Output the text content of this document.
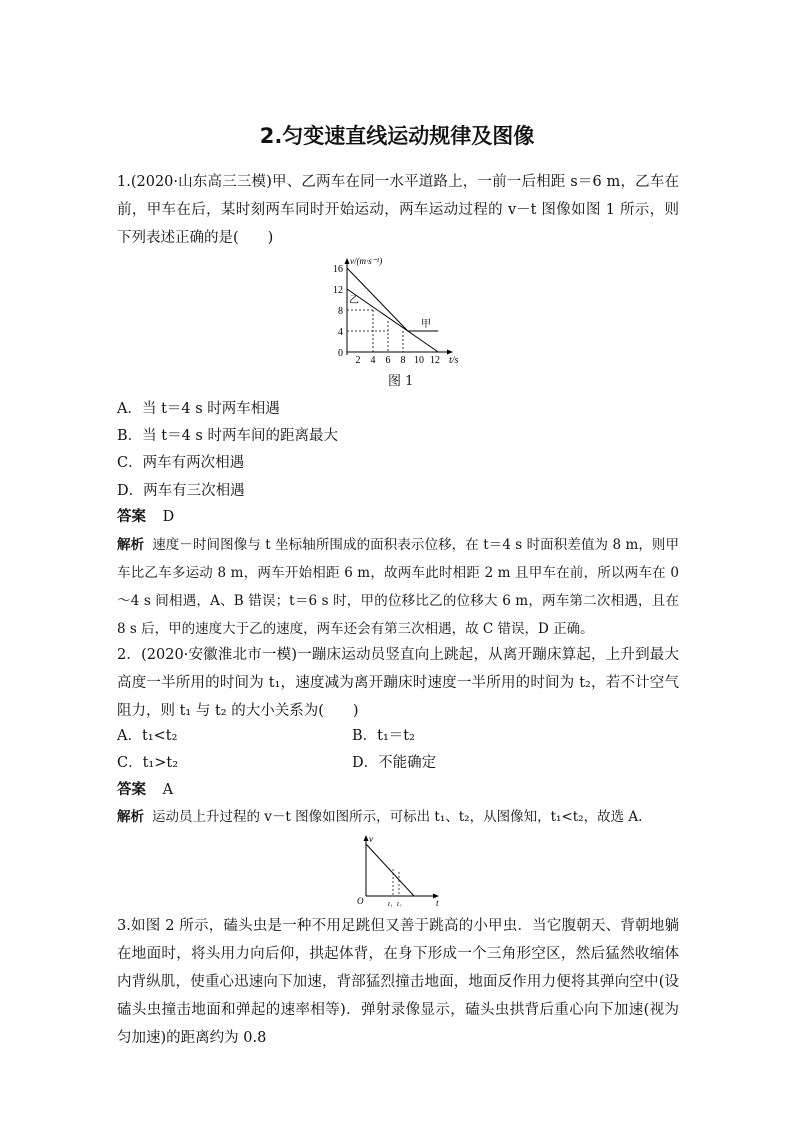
2.匀变速直线运动规律及图像

1.(2020·山东高三三模)甲、乙两车在同一水平道路上，一前一后相距 s＝6 m，乙车在前，甲车在后，某时刻两车同时开始运动，两车运动过程的 v－t 图像如图 1 所示，则下列表述正确的是(　　)

16
12
8
4
0
2 4 6 8 10 12 t/s
v/(m·s⁻¹)
乙
甲
图 1
A．当 t＝4 s 时两车相遇
B．当 t＝4 s 时两车间的距离最大
C．两车有两次相遇
D．两车有三次相遇
答案 D

解析 速度－时间图像与 t 坐标轴所围成的面积表示位移，在 t＝4 s 时面积差值为 8 m，则甲车比乙车多运动 8 m，两车开始相距 6 m，故两车此时相距 2 m 且甲车在前，所以两车在 0～4 s 间相遇，A、B 错误；t＝6 s 时，甲的位移比乙的位移大 6 m，两车第二次相遇，且在 8 s 后，甲的速度大于乙的速度，两车还会有第三次相遇，故 C 错误，D 正确。

2．(2020·安徽淮北市一模)一蹦床运动员竖直向上跳起，从离开蹦床算起，上升到最大高度一半所用的时间为 t₁，速度减为离开蹦床时速度一半所用的时间为 t₂，若不计空气阻力，则 t₁ 与 t₂ 的大小关系为(　　)

A．t₁<t₂	B．t₁＝t₂
C．t₁>t₂	D．不能确定
答案 A

解析 运动员上升过程的 v－t 图像如图所示，可标出 t₁、t₂，从图像知，t₁<t₂，故选 A.

v
t
O	t₁ t₂

3.如图 2 所示，磕头虫是一种不用足跳但又善于跳高的小甲虫．当它腹朝天、背朝地躺在地面时，将头用力向后仰，拱起体背，在身下形成一个三角形空区，然后猛然收缩体内背纵肌，使重心迅速向下加速，背部猛烈撞击地面，地面反作用力便将其弹向空中(设磕头虫撞击地面和弹起的速率相等)．弹射录像显示，磕头虫拱背后重心向下加速(视为匀加速)的距离约为 0.8
